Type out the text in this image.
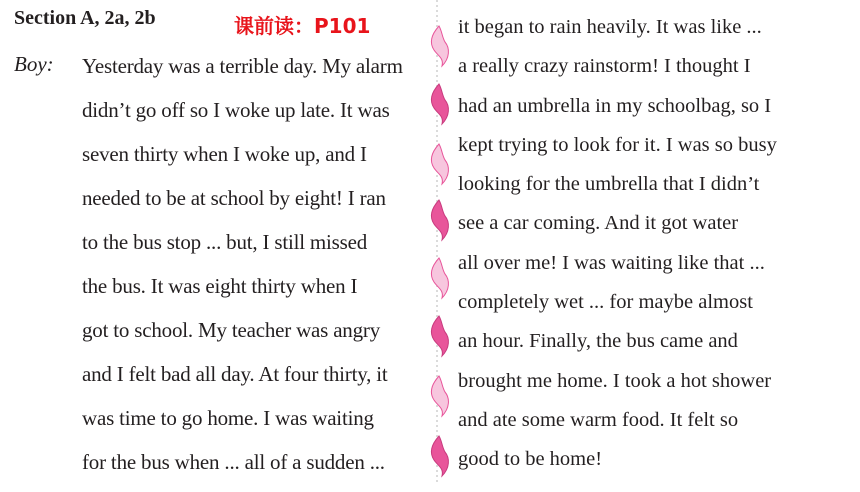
Section A, 2a, 2b	课前读：P101
Boy: Yesterday was a terrible day. My alarm
didn’t go off so I woke up late. It was
seven thirty when I woke up, and I
needed to be at school by eight! I ran
to the bus stop ... but, I still missed
the bus. It was eight thirty when I
got to school. My teacher was angry
and I felt bad all day. At four thirty, it
was time to go home. I was waiting
for the bus when ... all of a sudden ...
it began to rain heavily. It was like ...
a really crazy rainstorm! I thought I
had an umbrella in my schoolbag, so I
kept trying to look for it. I was so busy
looking for the umbrella that I didn’t
see a car coming. And it got water
all over me! I was waiting like that ...
completely wet ... for maybe almost
an hour. Finally, the bus came and
brought me home. I took a hot shower
and ate some warm food. It felt so
good to be home!
